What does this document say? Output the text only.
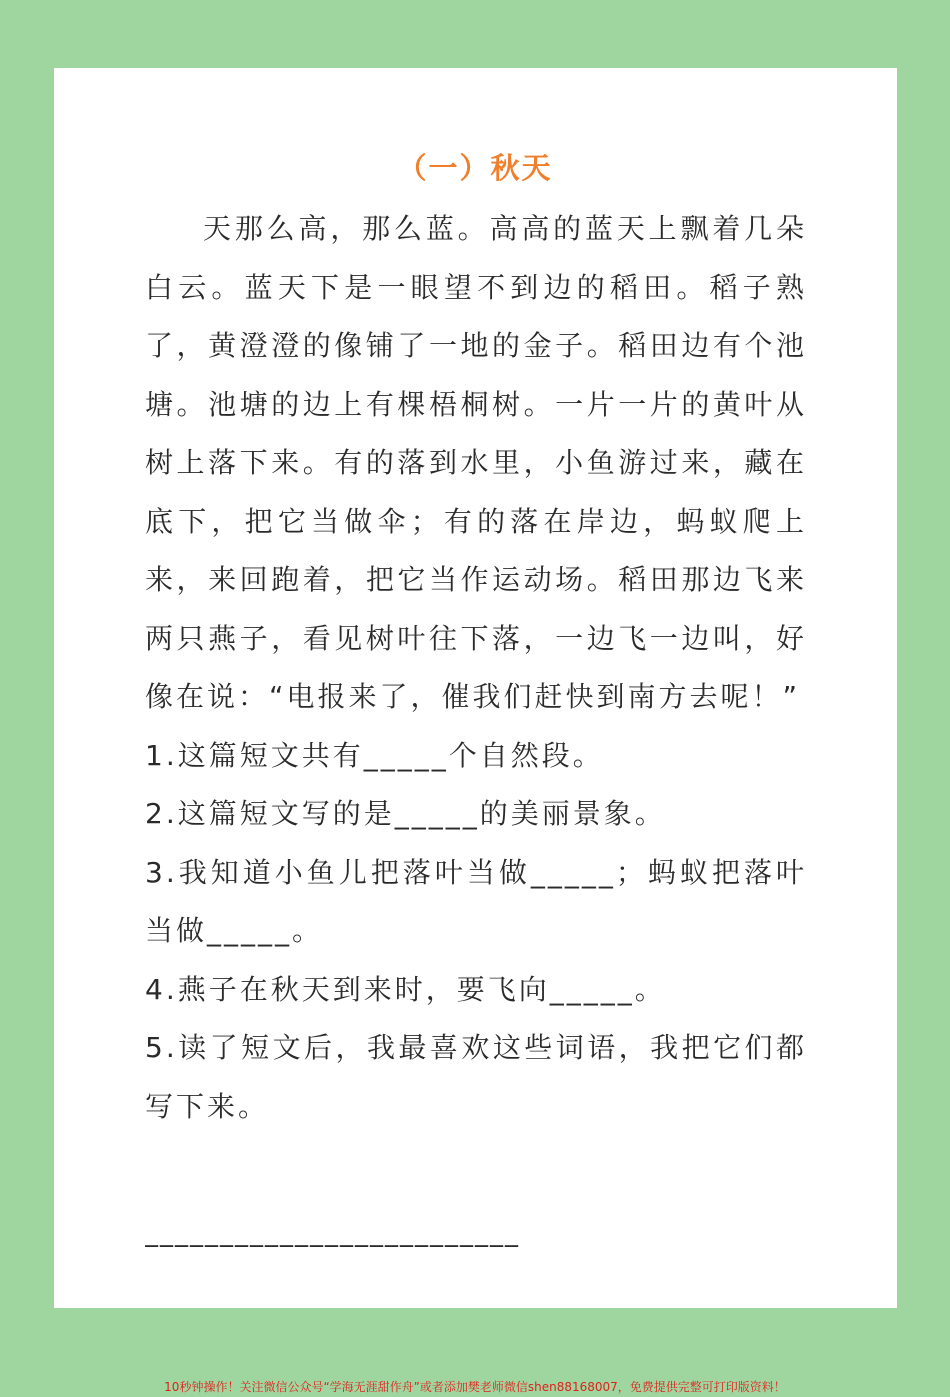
（一）秋天

天那么高，那么蓝。高高的蓝天上飘着几朵白云。蓝天下是一眼望不到边的稻田。稻子熟了，黄澄澄的像铺了一地的金子。稻田边有个池塘。池塘的边上有棵梧桐树。一片一片的黄叶从树上落下来。有的落到水里，小鱼游过来，藏在底下，把它当做伞；有的落在岸边，蚂蚁爬上来，来回跑着，把它当作运动场。稻田那边飞来两只燕子，看见树叶往下落，一边飞一边叫，好像在说：“电报来了，催我们赶快到南方去呢！”

1.这篇短文共有_____个自然段。

2.这篇短文写的是_____的美丽景象。

3.我知道小鱼儿把落叶当做_____；蚂蚁把落叶当做_____。

4.燕子在秋天到来时，要飞向_____。

5.读了短文后，我最喜欢这些词语，我把它们都写下来。

_________________________
10秒钟操作！关注微信公众号“学海无涯甜作舟”或者添加樊老师微信shen88168007，免费提供完整可打印版资料！
